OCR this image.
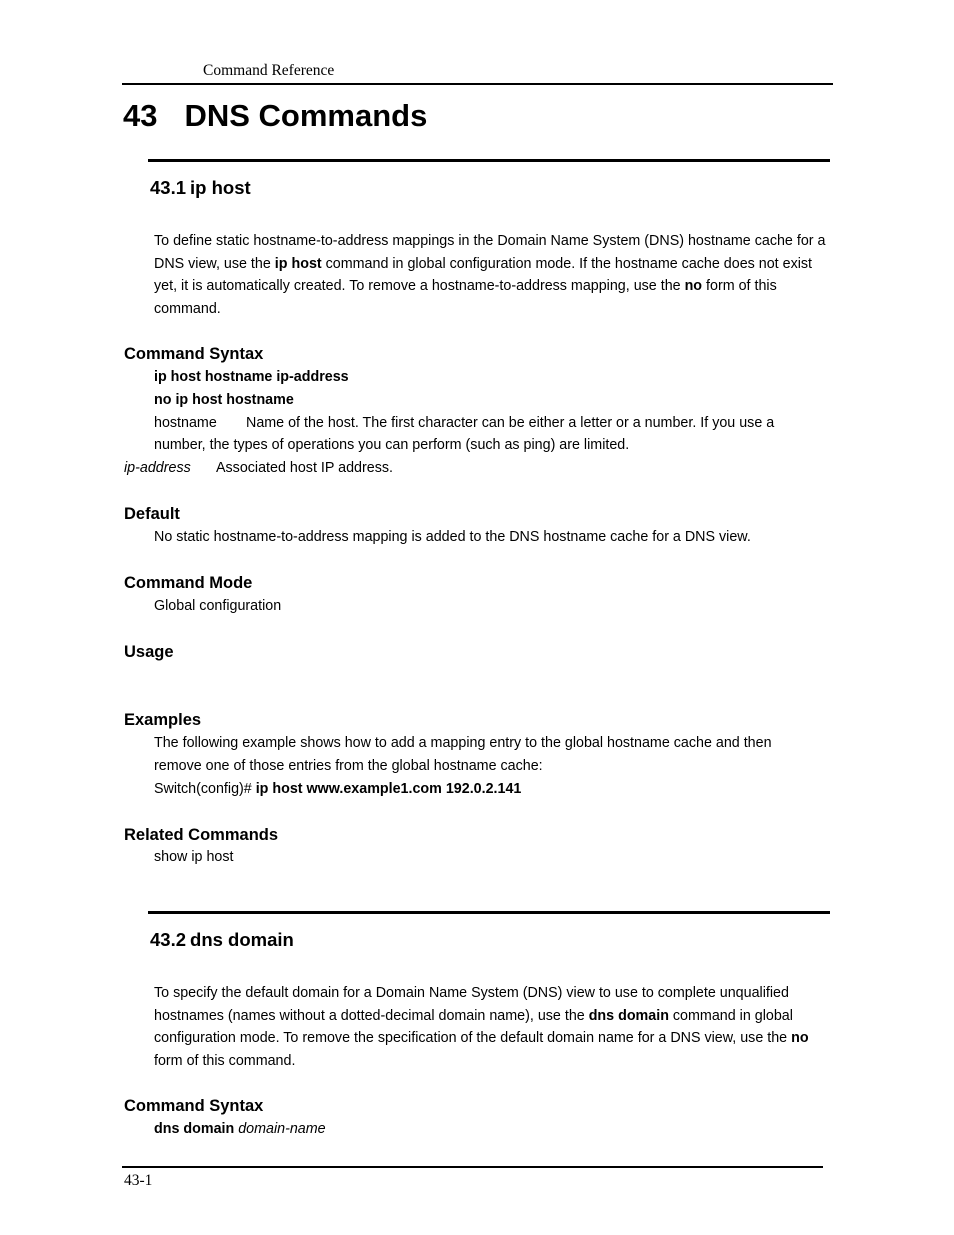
Command Reference
43 DNS Commands
43.1 ip host
To define static hostname-to-address mappings in the Domain Name System (DNS) hostname cache for a DNS view, use the ip host command in global configuration mode. If the hostname cache does not exist yet, it is automatically created. To remove a hostname-to-address mapping, use the no form of this command.
Command Syntax
ip host hostname ip-address
no ip host hostname
hostname Name of the host. The first character can be either a letter or a number. If you use a
number, the types of operations you can perform (such as ping) are limited.
ip-address Associated host IP address.
Default
No static hostname-to-address mapping is added to the DNS hostname cache for a DNS view.
Command Mode
Global configuration
Usage
Examples
The following example shows how to add a mapping entry to the global hostname cache and then
remove one of those entries from the global hostname cache:
Switch(config)# ip host www.example1.com 192.0.2.141
Related Commands
show ip host
43.2 dns domain
To specify the default domain for a Domain Name System (DNS) view to use to complete unqualified hostnames (names without a dotted-decimal domain name), use the dns domain command in global configuration mode. To remove the specification of the default domain name for a DNS view, use the no form of this command.
Command Syntax
dns domain domain-name
43-1
